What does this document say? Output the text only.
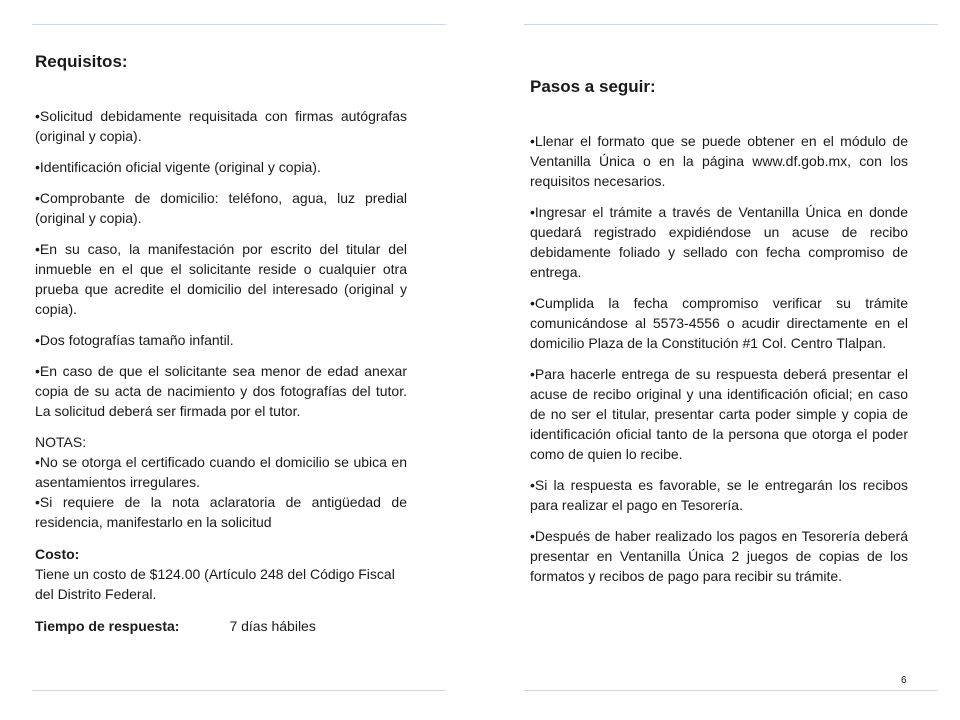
Requisitos:

• Solicitud debidamente requisitada con firmas autógrafas (original y copia).

• Identificación oficial vigente (original y copia).

• Comprobante de domicilio: teléfono, agua, luz predial (original y copia).

• En su caso, la manifestación por escrito del titular del inmueble en el que el solicitante reside o cualquier otra prueba que acredite el domicilio del interesado (original y copia).

• Dos fotografías tamaño infantil.

• En caso de que el solicitante sea menor de edad anexar copia de su acta de nacimiento y dos fotografías del tutor. La solicitud deberá ser firmada por el tutor.

NOTAS:

• No se otorga el certificado cuando el domicilio se ubica en asentamientos irregulares.

• Si requiere de la nota aclaratoria de antigüedad de residencia, manifestarlo en la solicitud

Costo:

Tiene un costo de $124.00 (Artículo 248 del Código Fiscal del Distrito Federal.

Tiempo de respuesta:	7 días hábiles

Pasos a seguir:

• Llenar el formato que se puede obtener en el módulo de Ventanilla Única o en la página www.df.gob.mx, con los requisitos necesarios.

• Ingresar el trámite a través de Ventanilla Única en donde quedará registrado expidiéndose un acuse de recibo debidamente foliado y sellado con fecha compromiso de entrega.

• Cumplida la fecha compromiso verificar su trámite comunicándose al 5573-4556 o acudir directamente en el domicilio Plaza de la Constitución #1 Col. Centro Tlalpan.

• Para hacerle entrega de su respuesta deberá presentar el acuse de recibo original y una identificación oficial; en caso de no ser el titular, presentar carta poder simple y copia de identificación oficial tanto de la persona que otorga el poder como de quien lo recibe.

• Si la respuesta es favorable, se le entregarán los recibos para realizar el pago en Tesorería.

• Después de haber realizado los pagos en Tesorería deberá presentar en Ventanilla Única 2 juegos de copias de los formatos y recibos de pago para recibir su trámite.

6
